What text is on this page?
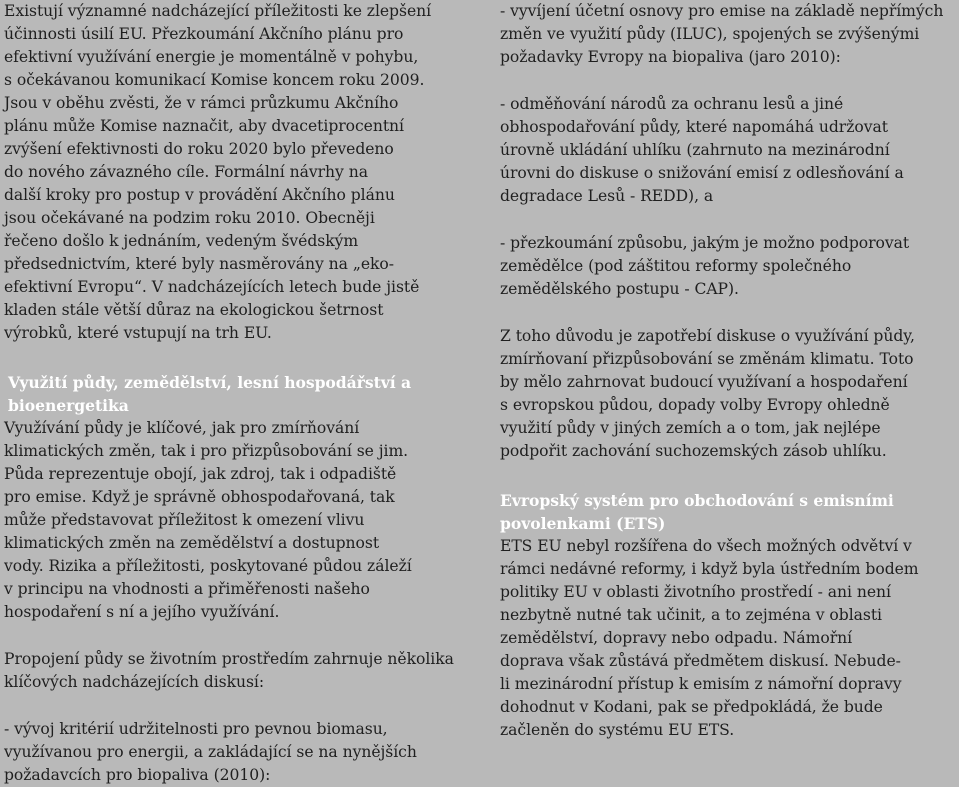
Existují významné nadcházející příležitosti ke zlepšení
účinnosti úsilí EU. Přezkoumání Akčního plánu pro
efektivní využívání energie je momentálně v pohybu,
s očekávanou komunikací Komise koncem roku 2009.
Jsou v oběhu zvěsti, že v rámci průzkumu Akčního
plánu může Komise naznačit, aby dvacetiprocentní
zvýšení efektivnosti do roku 2020 bylo převedeno
do nového závazného cíle. Formální návrhy na
další kroky pro postup v provádění Akčního plánu
jsou očekávané na podzim roku 2010. Obecněji
řečeno došlo k jednáním, vedeným švédským
předsednictvím, které byly nasměrovány na „eko-
efektivní Evropu“. V nadcházejících letech bude jistě
kladen stále větší důraz na ekologickou šetrnost
výrobků, které vstupují na trh EU.

Využití půdy, zemědělství, lesní hospodářství a
bioenergetika

Využívání půdy je klíčové, jak pro zmírňování
klimatických změn, tak i pro přizpůsobování se jim.
Půda reprezentuje obojí, jak zdroj, tak i odpadiště
pro emise. Když je správně obhospodařovaná, tak
může představovat příležitost k omezení vlivu
klimatických změn na zemědělství a dostupnost
vody. Rizika a příležitosti, poskytované půdou záleží
v principu na vhodnosti a přiměřenosti našeho
hospodaření s ní a jejího využívání.

Propojení půdy se životním prostředím zahrnuje několika
klíčových nadcházejících diskusí:

- vývoj kritérií udržitelnosti pro pevnou biomasu,
využívanou pro energii, a zakládající se na nynějších
požadavcích pro biopaliva (2010):

- vyvíjení účetní osnovy pro emise na základě nepřímých
změn ve využití půdy (ILUC), spojených se zvýšenými
požadavky Evropy na biopaliva (jaro 2010):

- odměňování národů za ochranu lesů a jiné
obhospodařování půdy, které napomáhá udržovat
úrovně ukládání uhlíku (zahrnuto na mezinárodní
úrovni do diskuse o snižování emisí z odlesňování a
degradace Lesů - REDD), a

- přezkoumání způsobu, jakým je možno podporovat
zemědělce (pod záštitou reformy společného
zemědělského postupu - CAP).

Z toho důvodu je zapotřebí diskuse o využívání půdy,
zmírňovaní přizpůsobování se změnám klimatu. Toto
by mělo zahrnovat budoucí využívaní a hospodaření
s evropskou půdou, dopady volby Evropy ohledně
využití půdy v jiných zemích a o tom, jak nejlépe
podpořit zachování suchozemských zásob uhlíku.

Evropský systém pro obchodování s emisními
povolenkami (ETS)

ETS EU nebyl rozšířena do všech možných odvětví v
rámci nedávné reformy, i když byla ústředním bodem
politiky EU v oblasti životního prostředí - ani není
nezbytně nutné tak učinit, a to zejména v oblasti
zemědělství, dopravy nebo odpadu. Námořní
doprava však zůstává předmětem diskusí. Nebude-
li mezinárodní přístup k emisím z námořní dopravy
dohodnut v Kodani, pak se předpokládá, že bude
začleněn do systému EU ETS.
